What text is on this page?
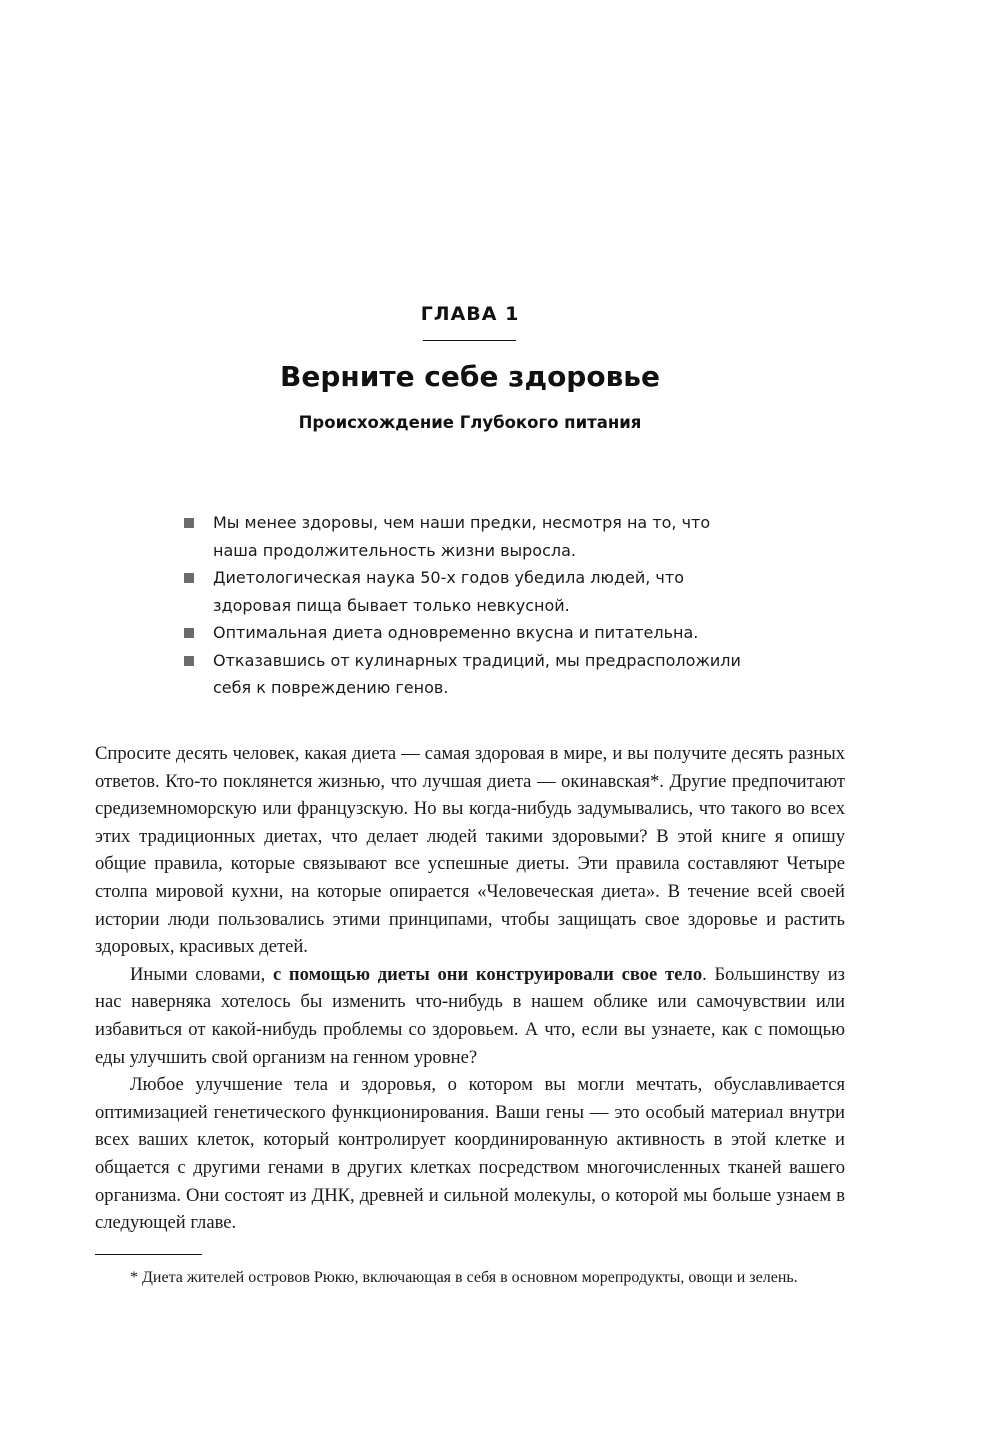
ГЛАВА 1
Верните себе здоровье
Происхождение Глубокого питания
Мы менее здоровы, чем наши предки, несмотря на то, что наша продолжительность жизни выросла.
Диетологическая наука 50-х годов убедила людей, что здоровая пища бывает только невкусной.
Оптимальная диета одновременно вкусна и питательна.
Отказавшись от кулинарных традиций, мы предрасположили себя к повреждению генов.

Спросите десять человек, какая диета — самая здоровая в мире, и вы получите десять разных ответов. Кто-то поклянется жизнью, что лучшая диета — окинавская*. Другие предпочитают средиземноморскую или французскую. Но вы когда-нибудь задумывались, что такого во всех этих традиционных диетах, что делает людей такими здоровыми? В этой книге я опишу общие правила, которые связывают все успешные диеты. Эти правила составляют Четыре столпа мировой кухни, на которые опирается «Человеческая диета». В течение всей своей истории люди пользовались этими принципами, чтобы защищать свое здоровье и растить здоровых, красивых детей.

Иными словами, с помощью диеты они конструировали свое тело. Большинству из нас наверняка хотелось бы изменить что-нибудь в нашем облике или самочувствии или избавиться от какой-нибудь проблемы со здоровьем. А что, если вы узнаете, как с помощью еды улучшить свой организм на генном уровне?

Любое улучшение тела и здоровья, о котором вы могли мечтать, обуславливается оптимизацией генетического функционирования. Ваши гены — это особый материал внутри всех ваших клеток, который контролирует координированную активность в этой клетке и общается с другими генами в других клетках посредством многочисленных тканей вашего организма. Они состоят из ДНК, древней и сильной молекулы, о которой мы больше узнаем в следующей главе.

* Диета жителей островов Рюкю, включающая в себя в основном морепродукты, овощи и зелень.
